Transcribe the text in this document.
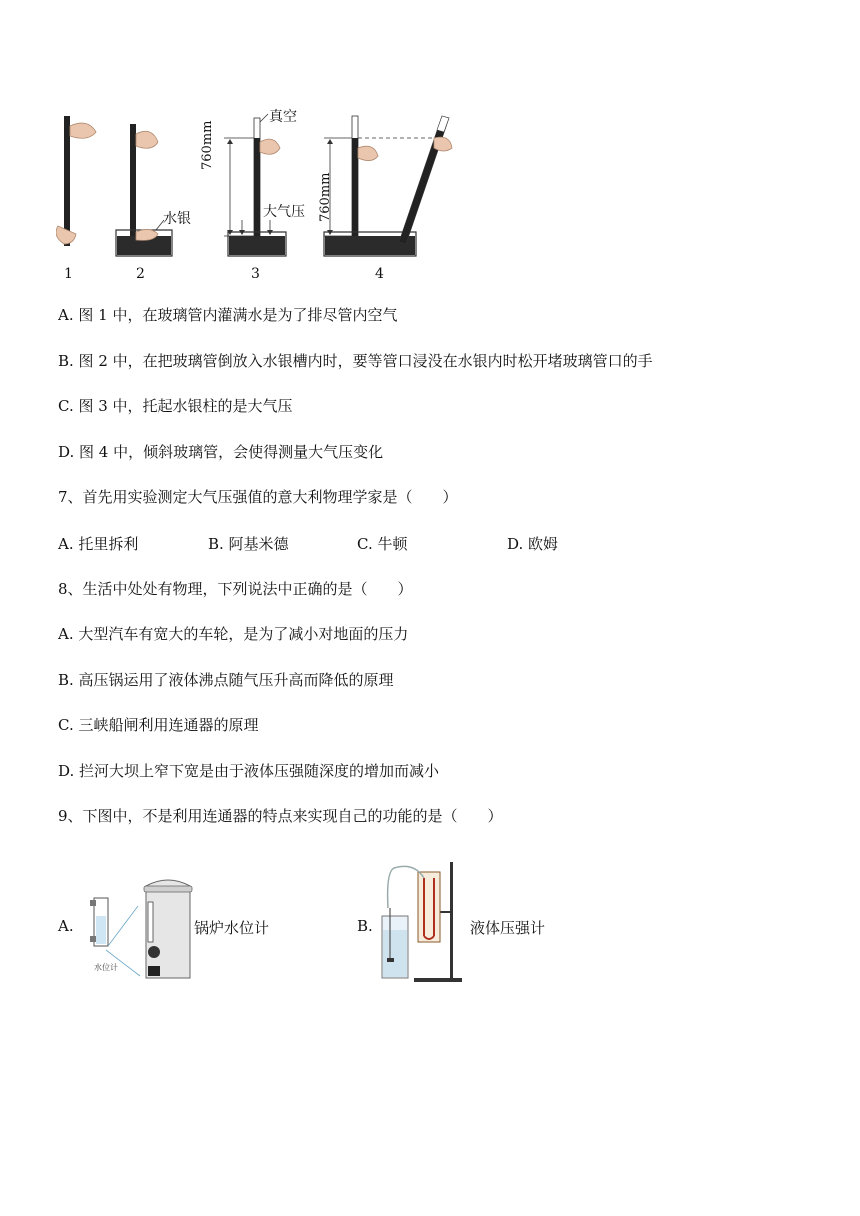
1	2	3	4
水银
真空
大气压
760mm
760mm
A. 图 1 中，在玻璃管内灌满水是为了排尽管内空气
B. 图 2 中，在把玻璃管倒放入水银槽内时，要等管口浸没在水银内时松开堵玻璃管口的手
C. 图 3 中，托起水银柱的是大气压
D. 图 4 中，倾斜玻璃管，会使得测量大气压变化
7、首先用实验测定大气压强值的意大利物理学家是（　　）
A. 托里拆利	B. 阿基米德	C. 牛顿	D. 欧姆
8、生活中处处有物理，下列说法中正确的是（　　）
A. 大型汽车有宽大的车轮，是为了减小对地面的压力
B. 高压锅运用了液体沸点随气压升高而降低的原理
C. 三峡船闸利用连通器的原理
D. 拦河大坝上窄下宽是由于液体压强随深度的增加而减小
9、下图中，不是利用连通器的特点来实现自己的功能的是（　　）
A.
水位计
锅炉水位计	B.	液体压强计
